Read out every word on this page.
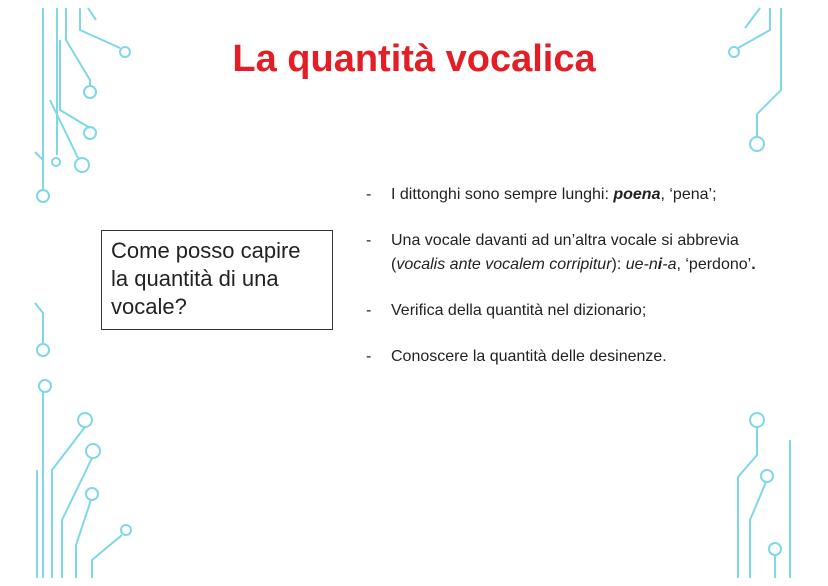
La quantità vocalica
Come posso capire la quantità di una vocale?
- I dittonghi sono sempre lunghi: poena, ‘pena’;
- Una vocale davanti ad un’altra vocale si abbrevia (vocalis ante vocalem corripitur): ue-ni-a, ‘perdono’.
- Verifica della quantità nel dizionario;
- Conoscere la quantità delle desinenze.
